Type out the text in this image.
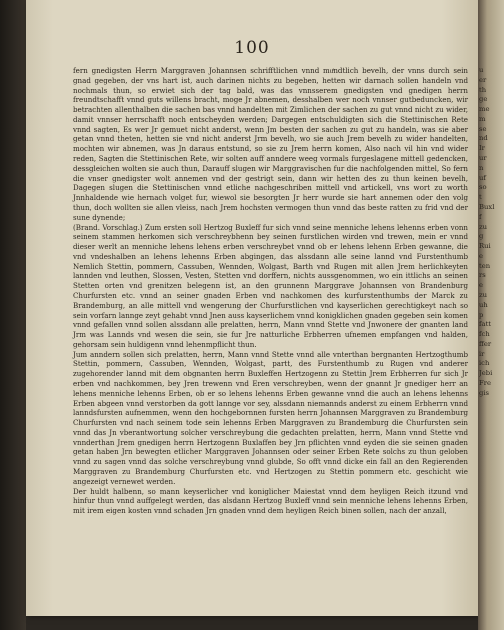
100

fern gnedigsten Herrn Marggraven Johannsen schrifftlichen vnnd muͤndtlich bevelh, der vnns durch sein gnad gegeben, der vns hart ist, auch darinen nichts zu begeben, hetten wir darnach sollen handeln vnd nochmals thun, so erwiet sich der tag bald, was das vnnsserem gnedigsten vnd gnedigen herrn freundtschafft vnnd guts willens bracht, moge Jr abnemen, desshalben wer noch vnnser gutbeduncken, wir betrachten allenthalben die sachen bas vnnd handelten mit Zimlichen der sachen zu gut vnnd nicht zu wider, damit vnnser herrschafft noch entscheyden werden; Dargegen entschuldigten sich die Stettinischen Rete vnnd sagten, Es wer Jr gemuet nicht anderst, wenn Jm besten der sachen zu gut zu handeln, was sie aber getan vnnd theten, hetten sie vnd nicht anderst Jrm bevelh, wo sie auch Jrem bevelh zu wider handelten, mochten wir abnemen, was Jn daraus entstund, so sie zu Jrem herrn komen, Also nach vil hin vnd wider reden, Sagten die Stettinischen Rete, wir solten auff anndere weeg vormals furgeslagene mittell gedencken, dessgleichen wolten sie auch thun, Darauff slugen wir Marggravischen fur die nachfolgenden mittel, So fern die vnser gnedigster wolt annemen vnd der gestrigt sein, dann wir hetten des zu thun keinen bevelh, Dagegen slugen die Stettinischen vnnd etliche nachgeschriben mittell vnd artickell, vns wort zu worth Jnnhaldende wie hernach volget fur, wiewol sie besorgten Jr herr wurde sie hart annemen oder den volg thun, doch wollten sie allen vleiss, nach Jrem hochsten vermogen thun vnnd das beste ratten zu frid vnd der sune dynende;

(Brand. Vorschlag.) Zum ersten soll Hertzog Buxleff fur sich vnnd seine menniche lehens lehenns erben vonn seinem stammen herkomen sich verschreybhenn bey seinen furstlichen wirden vnd trewen, mein er vnnd dieser werlt an menniche lehens lehens erben verschreybet vnnd ob er lehens lehenn Erben gewanne, die vnd vndeshalben an lehens lehenns Erben abgingen, das alssdann alle seine lannd vnd Furstenthumb Nemlich Stettin, pommern, Cassuben, Wennden, Wolgast, Barth vnd Rugen mit allen Jrem herlichkeyten lannden vnd leuthen, Slossen, Vesten, Stetten vnd dorffern, nichts aussgenommen, wo ein ittlichs an seinen Stetten orten vnd grenitzen belegenn ist, an den grunnenn Marggrave Johannsen von Brandenburg Churfursten etc. vnnd an seiner gnaden Erben vnd nachkomen des kurfurstenthumbs der Marck zu Brandemburg, an alle mittell vnd wengerung der Churfurstlichen vnd kayserlichen gerechtigkeyt nach so sein vorfarn lannge zeyt gehabt vnnd Jnen auss kayserlichem vnnd konigklichen gnaden gegeben sein komen vnnd gefallen vnnd sollen alssdann alle prelatten, herrn, Mann vnnd Stette vnd Jnwonere der gnanten land Jrm was Lannds vnd wesen die sein, sie fur Jre natturliche Erbherren ufnemen empfangen vnd halden, gehorsam sein huldigenn vnnd lehenmpflicht thun.

Jum anndern sollen sich prelatten, herrn, Mann vnnd Stette vnnd alle vnterthan bergnanten Hertzogthumb Stettin, pommern, Cassuben, Wennden, Wolgast, partt, des Furstenthumb zu Rugen vnd anderer zugehorender lannd mit dem obgnanten herrn Buxleffen Hertzogenn zu Stettin Jrem Erbherren fur sich Jr erben vnd nachkommen, bey Jren trewenn vnd Eren verschreyben, wenn der gnannt Jr gnediger herr an lehens menniche lehenns Erben, ob er so lehens lehenns Erben gewanne vnnd die auch an lehens lehenns Erben abgeen vnnd verstorben da gott lannge vor sey, alssdann niemannds anderst zu einem Erbherrn vnnd lanndsfursten aufnemmen, wenn den hochgebornnen fursten herrn Johannsen Marggraven zu Brandemburg Churfursten vnd nach seinem tode sein lehenns Erben Marggraven zu Brandemburg die Churfursten sein vnnd das Jn vberantwortung solcher verschreybung die gedachten prelatten, herrn, Mann vnnd Stette vnd vnnderthan Jrem gnedigen herrn Hertzogenn Buxlaffen bey Jrn pflichten vnnd eyden die sie seinen gnaden getan haben Jrn bewegten etlicher Marggraven Johannsen oder seiner Erben Rete solchs zu thun geloben vnnd zu sagen vnnd das solche verschreybung vnnd glubde, So offt vnnd dicke ein fall an den Regierenden Marggraven zu Brandemburg Churfursten etc. vnd Hertzogen zu Stettin pommern etc. geschicht wie angezeigt vernewet werden.

Der huldt halbenn, so mann keyserlicher vnd koniglicher Maiestat vnnd dem heyligen Reich itzund vnd hinfur thun vnnd auffgelegt werden, das alsdann Hertzog Buxleff vnnd sein menniche lehens lehenns Erben, mit irem eigen kosten vnnd schaden Jrn gnaden vnnd dem heyligen Reich binen sollen, nach der anzall,

u
er
th
ge
me
m
se
nd
Ir
ur
n
uf
so
t
Buxl
f
zu
g
Rui
e
ten
rs
e
zu
uh
p
fatt
fch
ffer
ir
ich
Jebi
Fre
gis
